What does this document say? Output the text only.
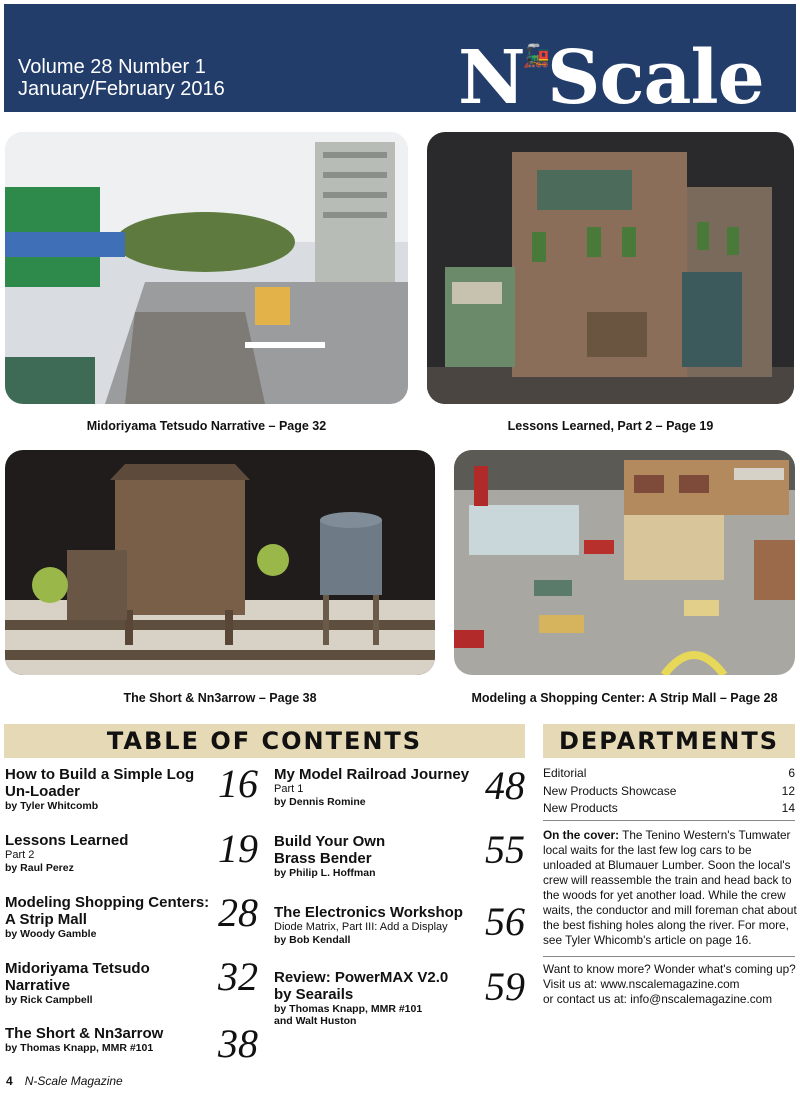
Volume 28 Number 1
January/February 2016	N🚂Scale
Midoriyama Tetsudo Narrative – Page 32	Lessons Learned, Part 2 – Page 19
The Short & Nn3arrow – Page 38	Modeling a Shopping Center: A Strip Mall – Page 28
TABLE OF CONTENTS	DEPARTMENTS
How to Build a Simple Log Un-Loader
by Tyler Whitcomb	16
Lessons Learned
Part 2
by Raul Perez	19
Modeling Shopping Centers: A Strip Mall
by Woody Gamble	28
Midoriyama Tetsudo Narrative
by Rick Campbell
32
The Short & Nn3arrow
by Thomas Knapp, MMR #101	38
My Model Railroad Journey
Part 1
by Dennis Romine	48
Build Your Own Brass Bender
by Philip L. Hoffman
55
The Electronics Workshop
Diode Matrix, Part III: Add a Display
by Bob Kendall	56
Review: PowerMAX V2.0 by Searails
by Thomas Knapp, MMR #101 and Walt Huston
59
Editorial	6
New Products Showcase	12
New Products	14
On the cover: The Tenino Western's Tumwater local waits for the last few log cars to be unloaded at Blumauer Lumber. Soon the local's crew will reassemble the train and head back to the woods for yet another load. While the crew waits, the conductor and mill foreman chat about the best fishing holes along the river. For more, see Tyler Whicomb's article on page 16.
Want to know more? Wonder what's coming up?
Visit us at: www.nscalemagazine.com
or contact us at: info@nscalemagazine.com
4 N-Scale Magazine
